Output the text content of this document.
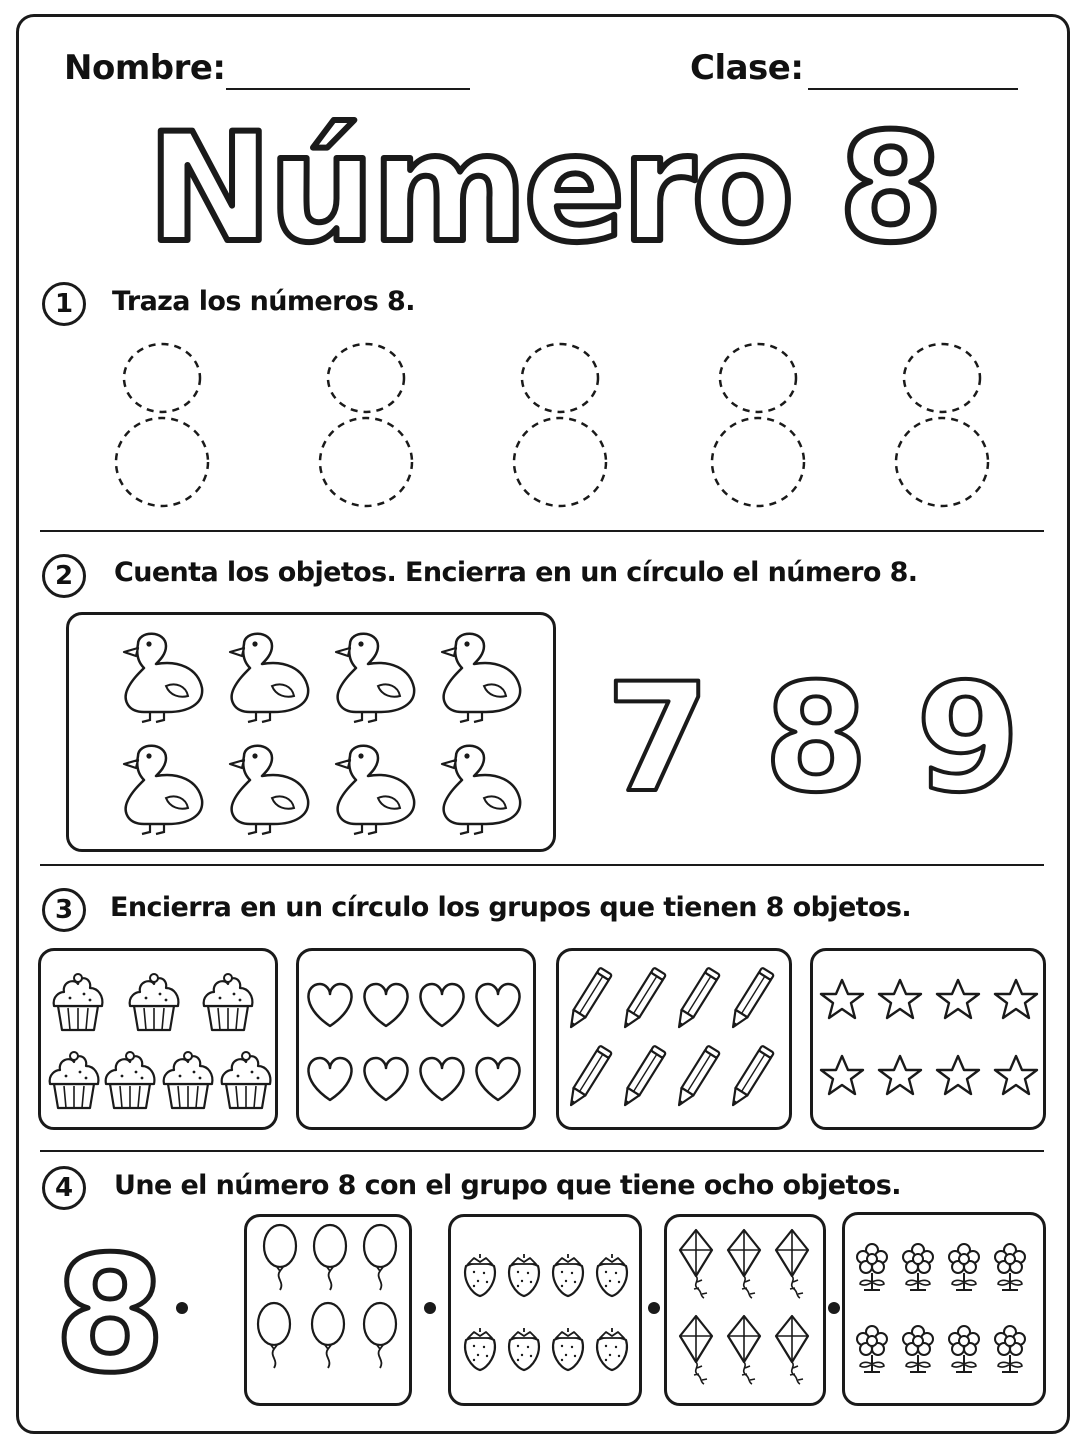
Nombre:	Clase:
Número 8
1	Traza los números 8.
2	Cuenta los objetos. Encierra en un círculo el número 8.
7 8 9
3	Encierra en un círculo los grupos que tienen 8 objetos.
4	Une el número 8 con el grupo que tiene ocho objetos.
8
